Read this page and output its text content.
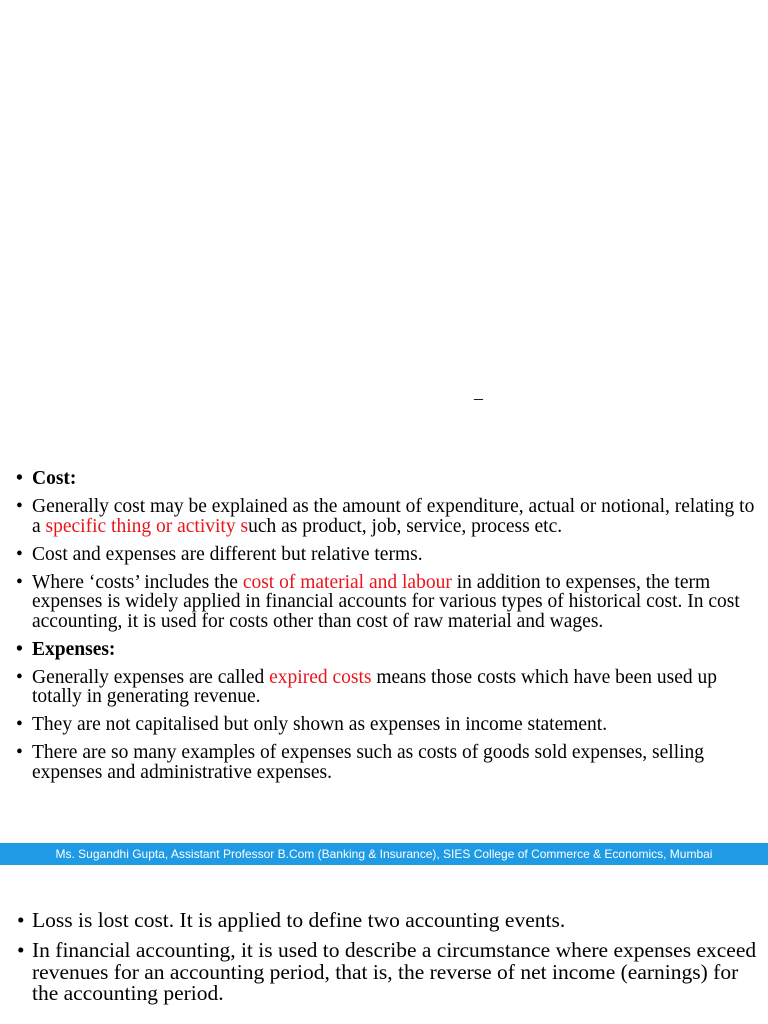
–
• Cost:
• Generally cost may be explained as the amount of expenditure, actual or notional, relating to a specific thing or activity such as product, job, service, process etc.
• Cost and expenses are different but relative terms.
• Where ‘costs’ includes the cost of material and labour in addition to expenses, the term expenses is widely applied in financial accounts for various types of historical cost. In cost accounting, it is used for costs other than cost of raw material and wages.
• Expenses:
• Generally expenses are called expired costs means those costs which have been used up totally in generating revenue.
• They are not capitalised but only shown as expenses in income statement.
• There are so many examples of expenses such as costs of goods sold expenses, selling expenses and administrative expenses.
Ms. Sugandhi Gupta, Assistant Professor B.Com (Banking & Insurance), SIES College of Commerce & Economics, Mumbai
• Loss is lost cost. It is applied to define two accounting events.
• In financial accounting, it is used to describe a circumstance where expenses exceed revenues for an accounting period, that is, the reverse of net income (earnings) for the accounting period.
